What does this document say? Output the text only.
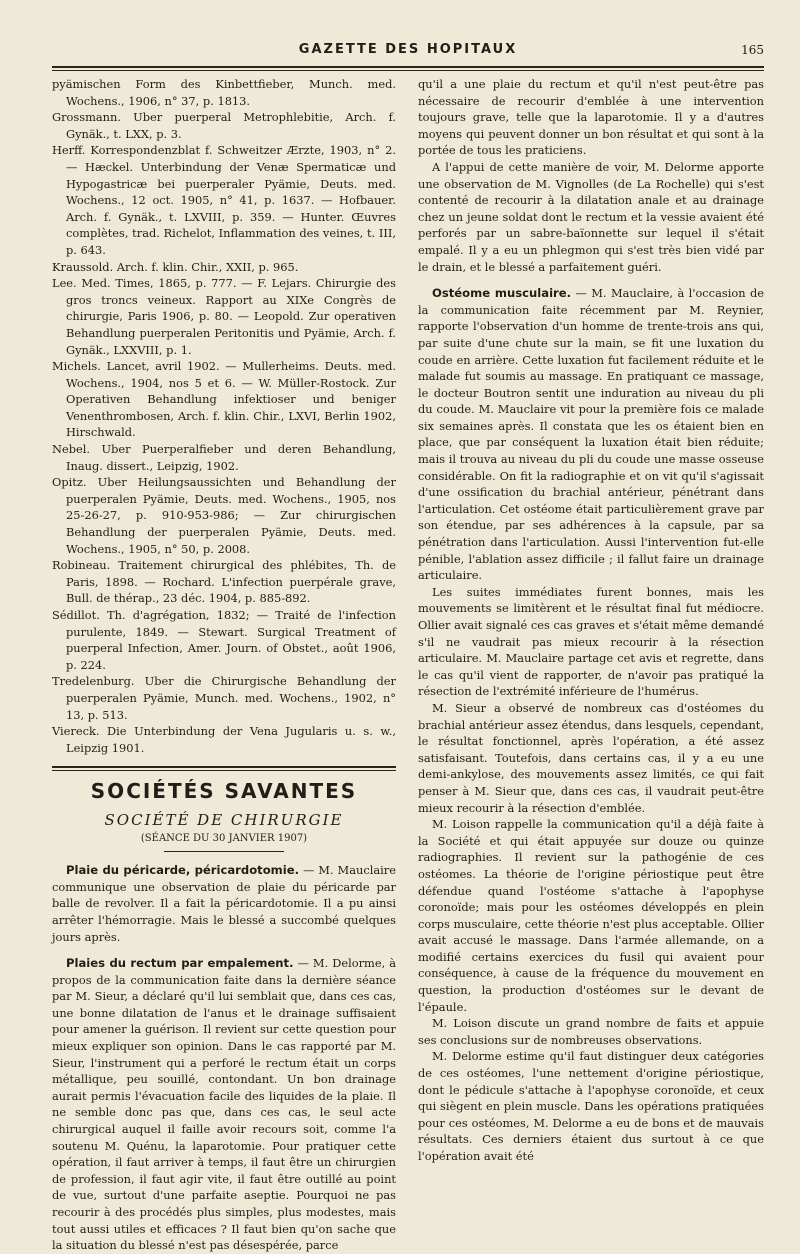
GAZETTE DES HOPITAUX	165

pyämischen Form des Kinbettfieber, Munch. med. Wochens., 1906, n° 37, p. 1813.

Grossmann. Uber puerperal Metrophlebitie, Arch. f. Gynäk., t. LXX, p. 3.

Herff. Korrespondenzblat f. Schweitzer Ærzte, 1903, n° 2. — Hæckel. Unterbindung der Venæ Spermaticæ und Hypogastricæ bei puerperaler Pyämie, Deuts. med. Wochens., 12 oct. 1905, n° 41, p. 1637. — Hofbauer. Arch. f. Gynäk., t. LXVIII, p. 359. — Hunter. Œuvres complètes, trad. Richelot, Inflammation des veines, t. III, p. 643.

Kraussold. Arch. f. klin. Chir., XXII, p. 965.

Lee. Med. Times, 1865, p. 777. — F. Lejars. Chirurgie des gros troncs veineux. Rapport au XIXe Congrès de chirurgie, Paris 1906, p. 80. — Leopold. Zur operativen Behandlung puerperalen Peritonitis und Pyämie, Arch. f. Gynäk., LXXVIII, p. 1.

Michels. Lancet, avril 1902. — Mullerheims. Deuts. med. Wochens., 1904, nos 5 et 6. — W. Müller-Rostock. Zur Operativen Behandlung infektioser und beniger Venenthrombosen, Arch. f. klin. Chir., LXVI, Berlin 1902, Hirschwald.

Nebel. Uber Puerperalfieber und deren Behandlung, Inaug. dissert., Leipzig, 1902.

Opitz. Uber Heilungsaussichten und Behandlung der puerperalen Pyämie, Deuts. med. Wochens., 1905, nos 25-26-27, p. 910-953-986; — Zur chirurgischen Behandlung der puerperalen Pyämie, Deuts. med. Wochens., 1905, n° 50, p. 2008.

Robineau. Traitement chirurgical des phlébites, Th. de Paris, 1898. — Rochard. L'infection puerpérale grave, Bull. de thérap., 23 déc. 1904, p. 885-892.

Sédillot. Th. d'agrégation, 1832; — Traité de l'infection purulente, 1849. — Stewart. Surgical Treatment of puerperal Infection, Amer. Journ. of Obstet., août 1906, p. 224.

Tredelenburg. Uber die Chirurgische Behandlung der puerperalen Pyämie, Munch. med. Wochens., 1902, n° 13, p. 513.

Viereck. Die Unterbindung der Vena Jugularis u. s. w., Leipzig 1901.

SOCIÉTÉS SAVANTES
SOCIÉTÉ DE CHIRURGIE
(SÉANCE DU 30 JANVIER 1907)

Plaie du péricarde, péricardotomie. — M. Mauclaire communique une observation de plaie du péricarde par balle de revolver. Il a fait la péricardotomie. Il a pu ainsi arrêter l'hémorragie. Mais le blessé a succombé quelques jours après.

Plaies du rectum par empalement. — M. Delorme, à propos de la communication faite dans la dernière séance par M. Sieur, a déclaré qu'il lui semblait que, dans ces cas, une bonne dilatation de l'anus et le drainage suffisaient pour amener la guérison. Il revient sur cette question pour mieux expliquer son opinion. Dans le cas rapporté par M. Sieur, l'instrument qui a perforé le rectum était un corps métallique, peu souillé, contondant. Un bon drainage aurait permis l'évacuation facile des liquides de la plaie. Il ne semble donc pas que, dans ces cas, le seul acte chirurgical auquel il faille avoir recours soit, comme l'a soutenu M. Quénu, la laparotomie. Pour pratiquer cette opération, il faut arriver à temps, il faut être un chirurgien de profession, il faut agir vite, il faut être outillé au point de vue, surtout d'une parfaite aseptie. Pourquoi ne pas recourir à des procédés plus simples, plus modestes, mais tout aussi utiles et efficaces ? Il faut bien qu'on sache que la situation du blessé n'est pas désespérée, parce

qu'il a une plaie du rectum et qu'il n'est peut-être pas nécessaire de recourir d'emblée à une intervention toujours grave, telle que la laparotomie. Il y a d'autres moyens qui peuvent donner un bon résultat et qui sont à la portée de tous les praticiens.

A l'appui de cette manière de voir, M. Delorme apporte une observation de M. Vignolles (de La Rochelle) qui s'est contenté de recourir à la dilatation anale et au drainage chez un jeune soldat dont le rectum et la vessie avaient été perforés par un sabre-baïonnette sur lequel il s'était empalé. Il y a eu un phlegmon qui s'est très bien vidé par le drain, et le blessé a parfaitement guéri.

Ostéome musculaire. — M. Mauclaire, à l'occasion de la communication faite récemment par M. Reynier, rapporte l'observation d'un homme de trente-trois ans qui, par suite d'une chute sur la main, se fit une luxation du coude en arrière. Cette luxation fut facilement réduite et le malade fut soumis au massage. En pratiquant ce massage, le docteur Boutron sentit une induration au niveau du pli du coude. M. Mauclaire vit pour la première fois ce malade six semaines après. Il constata que les os étaient bien en place, que par conséquent la luxation était bien réduite; mais il trouva au niveau du pli du coude une masse osseuse considérable. On fit la radiographie et on vit qu'il s'agissait d'une ossification du brachial antérieur, pénétrant dans l'articulation. Cet ostéome était particulièrement grave par son étendue, par ses adhérences à la capsule, par sa pénétration dans l'articulation. Aussi l'intervention fut-elle pénible, l'ablation assez difficile ; il fallut faire un drainage articulaire.

Les suites immédiates furent bonnes, mais les mouvements se limitèrent et le résultat final fut médiocre. Ollier avait signalé ces cas graves et s'était même demandé s'il ne vaudrait pas mieux recourir à la résection articulaire. M. Mauclaire partage cet avis et regrette, dans le cas qu'il vient de rapporter, de n'avoir pas pratiqué la résection de l'extrémité inférieure de l'humérus.

M. Sieur a observé de nombreux cas d'ostéomes du brachial antérieur assez étendus, dans lesquels, cependant, le résultat fonctionnel, après l'opération, a été assez satisfaisant. Toutefois, dans certains cas, il y a eu une demi-ankylose, des mouvements assez limités, ce qui fait penser à M. Sieur que, dans ces cas, il vaudrait peut-être mieux recourir à la résection d'emblée.

M. Loison rappelle la communication qu'il a déjà faite à la Société et qui était appuyée sur douze ou quinze radiographies. Il revient sur la pathogénie de ces ostéomes. La théorie de l'origine périostique peut être défendue quand l'ostéome s'attache à l'apophyse coronoïde; mais pour les ostéomes développés en plein corps musculaire, cette théorie n'est plus acceptable. Ollier avait accusé le massage. Dans l'armée allemande, on a modifié certains exercices du fusil qui avaient pour conséquence, à cause de la fréquence du mouvement en question, la production d'ostéomes sur le devant de l'épaule.

M. Loison discute un grand nombre de faits et appuie ses conclusions sur de nombreuses observations.

M. Delorme estime qu'il faut distinguer deux catégories de ces ostéomes, l'une nettement d'origine périostique, dont le pédicule s'attache à l'apophyse coronoïde, et ceux qui siègent en plein muscle. Dans les opérations pratiquées pour ces ostéomes, M. Delorme a eu de bons et de mauvais résultats. Ces derniers étaient dus surtout à ce que l'opération avait été
